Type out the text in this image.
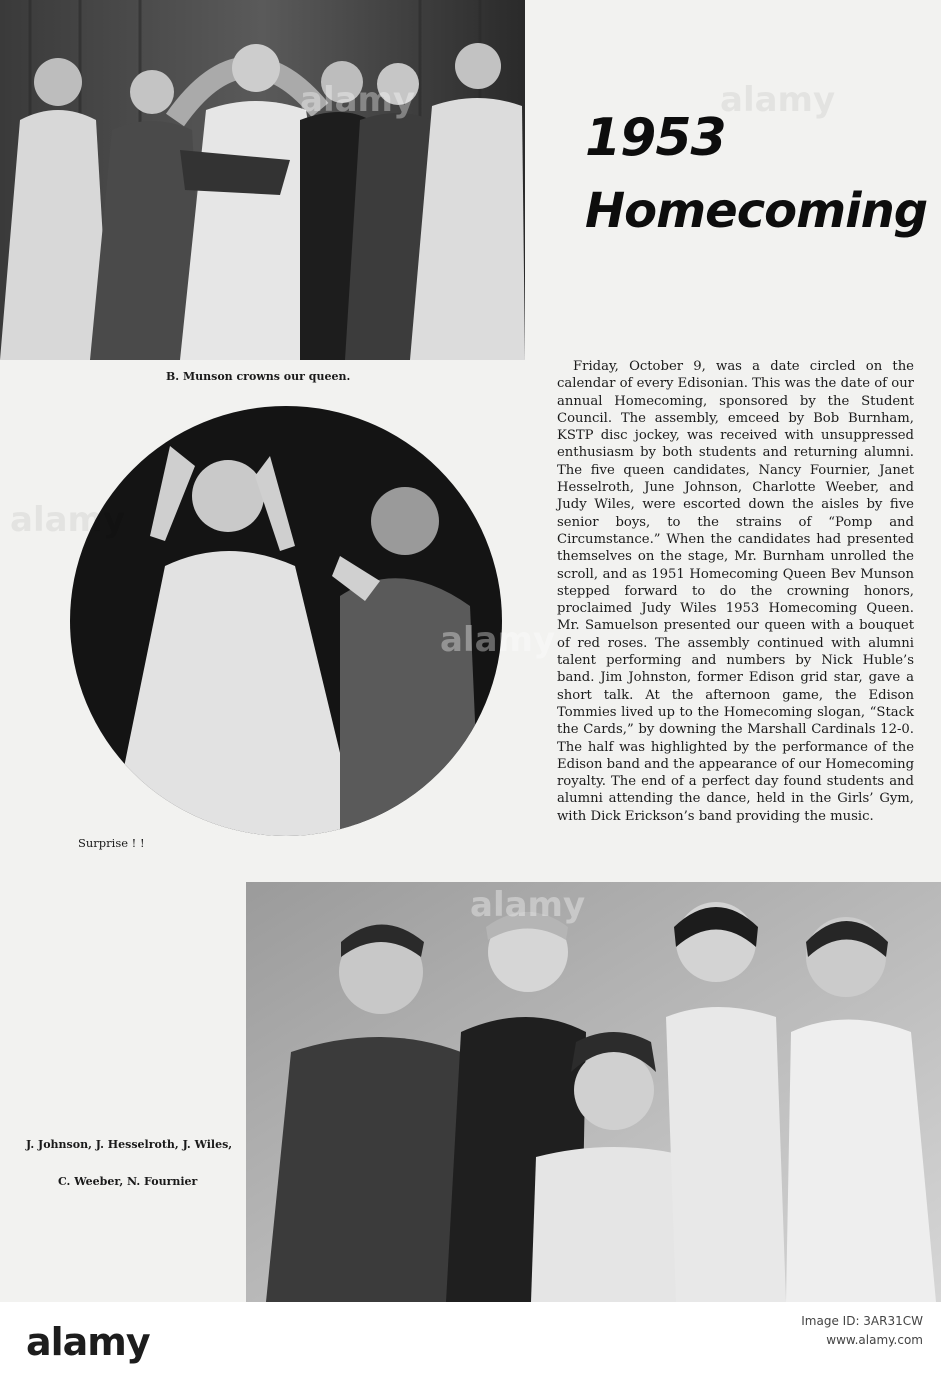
B. Munson crowns our queen.
Surprise ! !
1953
Homecoming

Friday, October 9, was a date circled on the calendar of every Edisonian. This was the date of our annual Homecoming, sponsored by the Student Council. The assembly, emceed by Bob Burnham, KSTP disc jockey, was received with unsuppressed enthusiasm by both students and returning alumni. The five queen candidates, Nancy Fournier, Janet Hesselroth, June Johnson, Charlotte Weeber, and Judy Wiles, were escorted down the aisles by five senior boys, to the strains of “Pomp and Circumstance.” When the candidates had presented themselves on the stage, Mr. Burnham unrolled the scroll, and as 1951 Homecoming Queen Bev Munson stepped forward to do the crowning honors, proclaimed Judy Wiles 1953 Homecoming Queen. Mr. Samuelson presented our queen with a bouquet of red roses. The assembly continued with alumni talent performing and numbers by Nick Huble’s band. Jim Johnston, former Edison grid star, gave a short talk. At the afternoon game, the Edison Tommies lived up to the Homecoming slogan, “Stack the Cards,” by downing the Marshall Cardinals 12-0. The half was highlighted by the performance of the Edison band and the appearance of our Homecoming royalty. The end of a perfect day found students and alumni attending the dance, held in the Girls’ Gym, with Dick Erickson’s band providing the music.

J. Johnson, J. Hesselroth, J. Wiles,
C. Weeber, N. Fournier
alamy	alamy
alamy
alamy
alamy
alamy	Image ID: 3AR31CW
www.alamy.com
